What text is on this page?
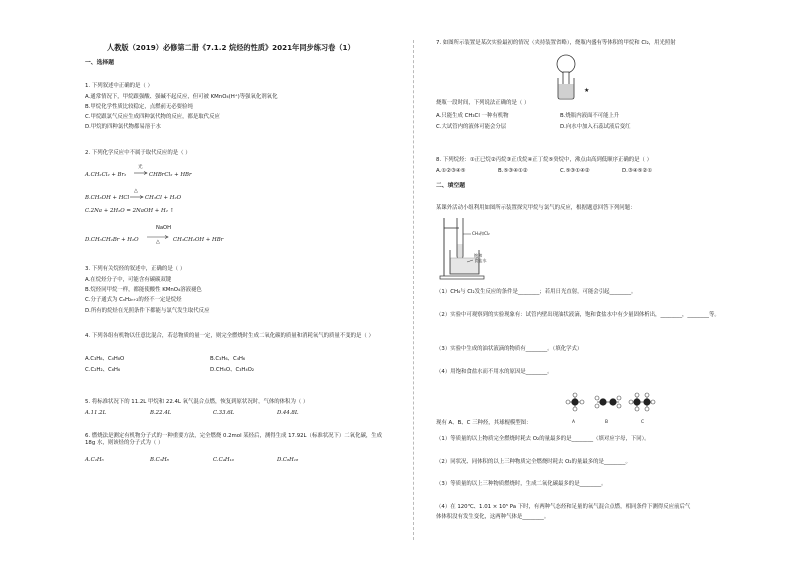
人教版（2019）必修第二册《7.1.2 烷烃的性质》2021年同步练习卷（1）
一、选择题
1. 下列叙述中正确的是（ ）
A.通常情况下，甲烷跟强酸、强碱不起反应，但可被 KMnO₄(H⁺)等强氧化剂氧化
B.甲烷化学性质比较稳定，点燃前无必要验纯
C.甲烷跟氯气反应生成四种氯代物的反应，都是取代反应
D.甲烷的四种氯代物都易溶于水
2. 下列化学反应中不属于取代反应的是（ ）
A.CH₂Cl₂ + Br₂
光
CHBrCl₂ + HBr
B.CH₃OH + HCl
△
CH₃Cl + H₂O
C.2Na + 2H₂O = 2NaOH + H₂ ↑
NaOH
D.CH₃CH₂Br + H₂O	△ CH₃CH₂OH + HBr
3. 下列有关烷烃的叙述中，正确的是（ ）
A.在烷烃分子中，可能含有碳碳双键
B.烷烃同甲烷一样，都能使酸性 KMnO₄溶液褪色
C.分子通式为 CₙH₂ₙ₊₂的烃不一定是烷烃
D.所有的烷烃在光照条件下都能与氯气发生取代反应
4. 下列各组有机物以任意比混合，若总物质的量一定，则完全燃烧时生成二氧化碳的质量和消耗氧气的质量不变的是（ ）
A.C₃H₈、C₄H₈O	B.C₃H₆、C₄H₆
C.C₂H₂、C₆H₆	D.CH₄O、C₃H₄O₂
5. 将标准状况下的 11.2L 甲烷和 22.4L 氧气混合点燃，恢复到原状况时，气体的体积为（ ）
A.11.2L	B.22.4L	C.33.6L	D.44.8L
6. 燃烧法是测定有机物分子式的一种重要方法，完全燃烧 0.2mol 某烃后，测得生成 17.92L（标准状况下）二氧化碳，生成 18g 水，则该烃的分子式为（ ）
A.C₂H₆	B.C₃H₈	C.C₄H₁₀	D.C₈H₁₈
烧瓶一段时间，下列说法正确的是（ ）
7. 如图所示装置是某次实验最初的情况（夹持装置省略），烧瓶内盛有等体积的甲烷和 Cl₂，用光照射
★
A.只能生成 CH₃Cl 一种有机物	B.烧瓶内液面不可能上升
C.大试管内的液体可能会分层	D.向水中加入石蕊试液后变红
8. 下列烷烃：①正已烷②丙烷③正戊烷④正丁烷⑤癸烷中，沸点由高到低顺序正确的是（ ）
A.①②③④⑤	B.⑤③④①②	C.⑤③①④②	D.③④⑤②①
二、填空题
某课外活动小组利用如图所示装置探究甲烷与氯气的反应，根据题意回答下列问题：
CH₄和Cl₂
饱和
食盐水
（1）CH₄与 Cl₂发生反应的条件是________；若用日光直射，可能会引起________。
（2）实验中可观察到的实验现象有：试管内壁出现油状液滴，饱和食盐水中有少量固体析出，________，________等。
（3）实验中生成的油状液滴的物质有________。（填化学式）
（4）用饱和食盐水而不用水的原因是________。
A	B	C
现有 A、B、C 三种烃，其球棍模型图：
（1）等质量的以上物质完全燃烧时耗去 O₂的量最多的是________（填对应字母，下同）。
（2）同状况、同体积的以上三种物质完全燃烧时耗去 O₂的量最多的是________。
（3）等质量的以上三种物质燃烧时，生成二氧化碳最多的是________。
（4）在 120℃、1.01 × 10⁵ Pa 下时，有两种气态烃和足量的氧气混合点燃，相同条件下测得反应前后气
体体积没有发生变化，这两种气体是________。
